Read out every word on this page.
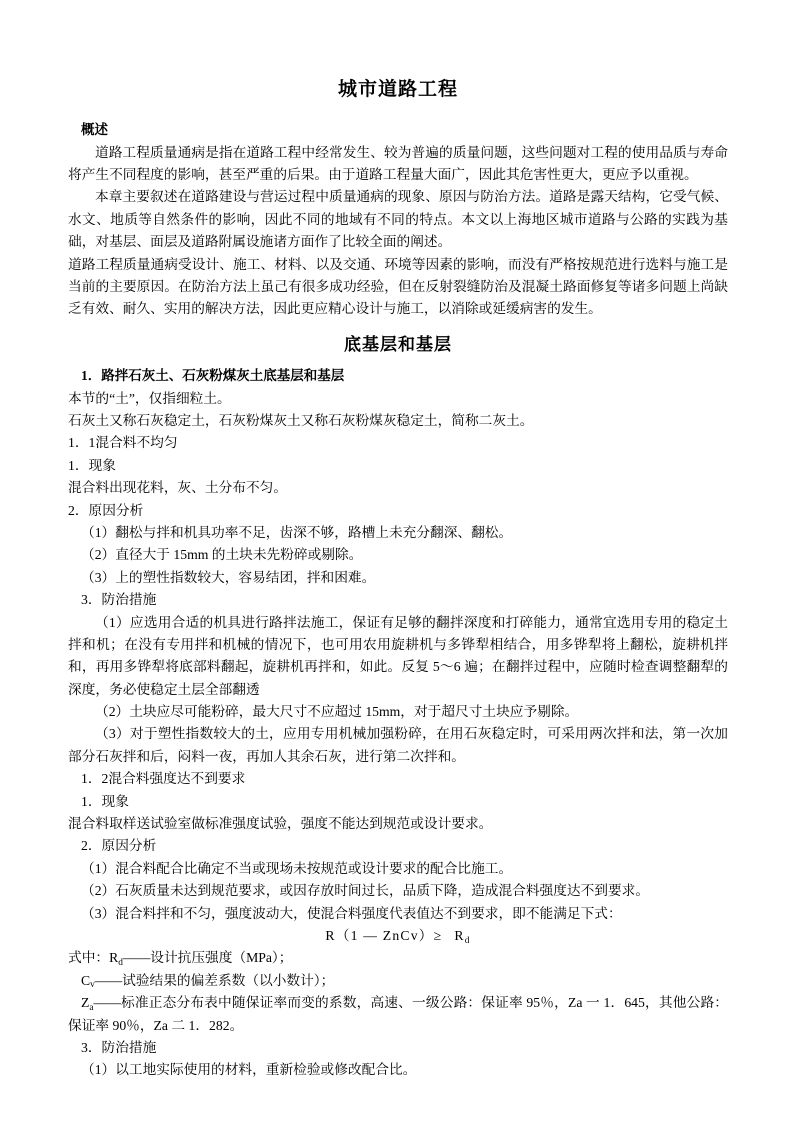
城市道路工程
概述

道路工程质量通病是指在道路工程中经常发生、较为普遍的质量问题，这些问题对工程的使用品质与寿命将产生不同程度的影响，甚至严重的后果。由于道路工程量大面广，因此其危害性更大，更应予以重视。

本章主要叙述在道路建设与营运过程中质量通病的现象、原因与防治方法。道路是露天结构，它受气候、水文、地质等自然条件的影响，因此不同的地域有不同的特点。本文以上海地区城市道路与公路的实践为基础，对基层、面层及道路附属设施诸方面作了比较全面的阐述。

道路工程质量通病受设计、施工、材料、以及交通、环境等因素的影响，而没有严格按规范进行选料与施工是当前的主要原因。在防治方法上虽己有很多成功经验，但在反射裂缝防治及混凝土路面修复等诸多问题上尚缺乏有效、耐久、实用的解决方法，因此更应精心设计与施工，以消除或延缓病害的发生。

底基层和基层
1．路拌石灰土、石灰粉煤灰土底基层和基层

本节的“土”，仅指细粒土。

石灰土又称石灰稳定土，石灰粉煤灰土又称石灰粉煤灰稳定土，简称二灰土。

1．1混合料不均匀

1．现象

混合料出现花料，灰、土分布不匀。

2．原因分析

（1）翻松与拌和机具功率不足，齿深不够，路槽上未充分翻深、翻松。

（2）直径大于 15mm 的土块未先粉碎或剔除。

（3）上的塑性指数较大，容易结团，拌和困难。

3．防治措施

（1）应选用合适的机具进行路拌法施工，保证有足够的翻拌深度和打碎能力，通常宜选用专用的稳定土拌和机；在没有专用拌和机械的情况下，也可用农用旋耕机与多铧犁相结合，用多铧犁将上翻松，旋耕机拌和，再用多铧犁将底部料翻起，旋耕机再拌和，如此。反复 5～6 遍；在翻拌过程中，应随时检查调整翻犁的深度，务必使稳定土层全部翻透

（2）土块应尽可能粉碎，最大尺寸不应超过 15mm，对于超尺寸土块应予剔除。

（3）对于塑性指数较大的土，应用专用机械加强粉碎，在用石灰稳定时，可采用两次拌和法，第一次加部分石灰拌和后，闷料一夜，再加人其余石灰，进行第二次拌和。

1．2混合料强度达不到要求

1．现象

混合料取样送试验室做标准强度试验，强度不能达到规范或设计要求。

2．原因分析

（1）混合料配合比确定不当或现场未按规范或设计要求的配合比施工。

（2）石灰质量未达到规范要求，或因存放时间过长，品质下降，造成混合料强度达不到要求。

（3）混合料拌和不匀，强度波动大，使混合料强度代表值达不到要求，即不能满足下式：

R（1 — ZnCv）≥ $R_d$

式中：$R_d——$设计抗压强度（MPa）；

$C_v——$试验结果的偏差系数（以小数计）；

$Z_a——$标准正态分布表中随保证率而变的系数，高速、一级公路：保证率 95％，Za 一 1．645，其他公路：保证率 90％，Za 二 1．282。

3．防治措施

（1）以工地实际使用的材料，重新检验或修改配合比。
